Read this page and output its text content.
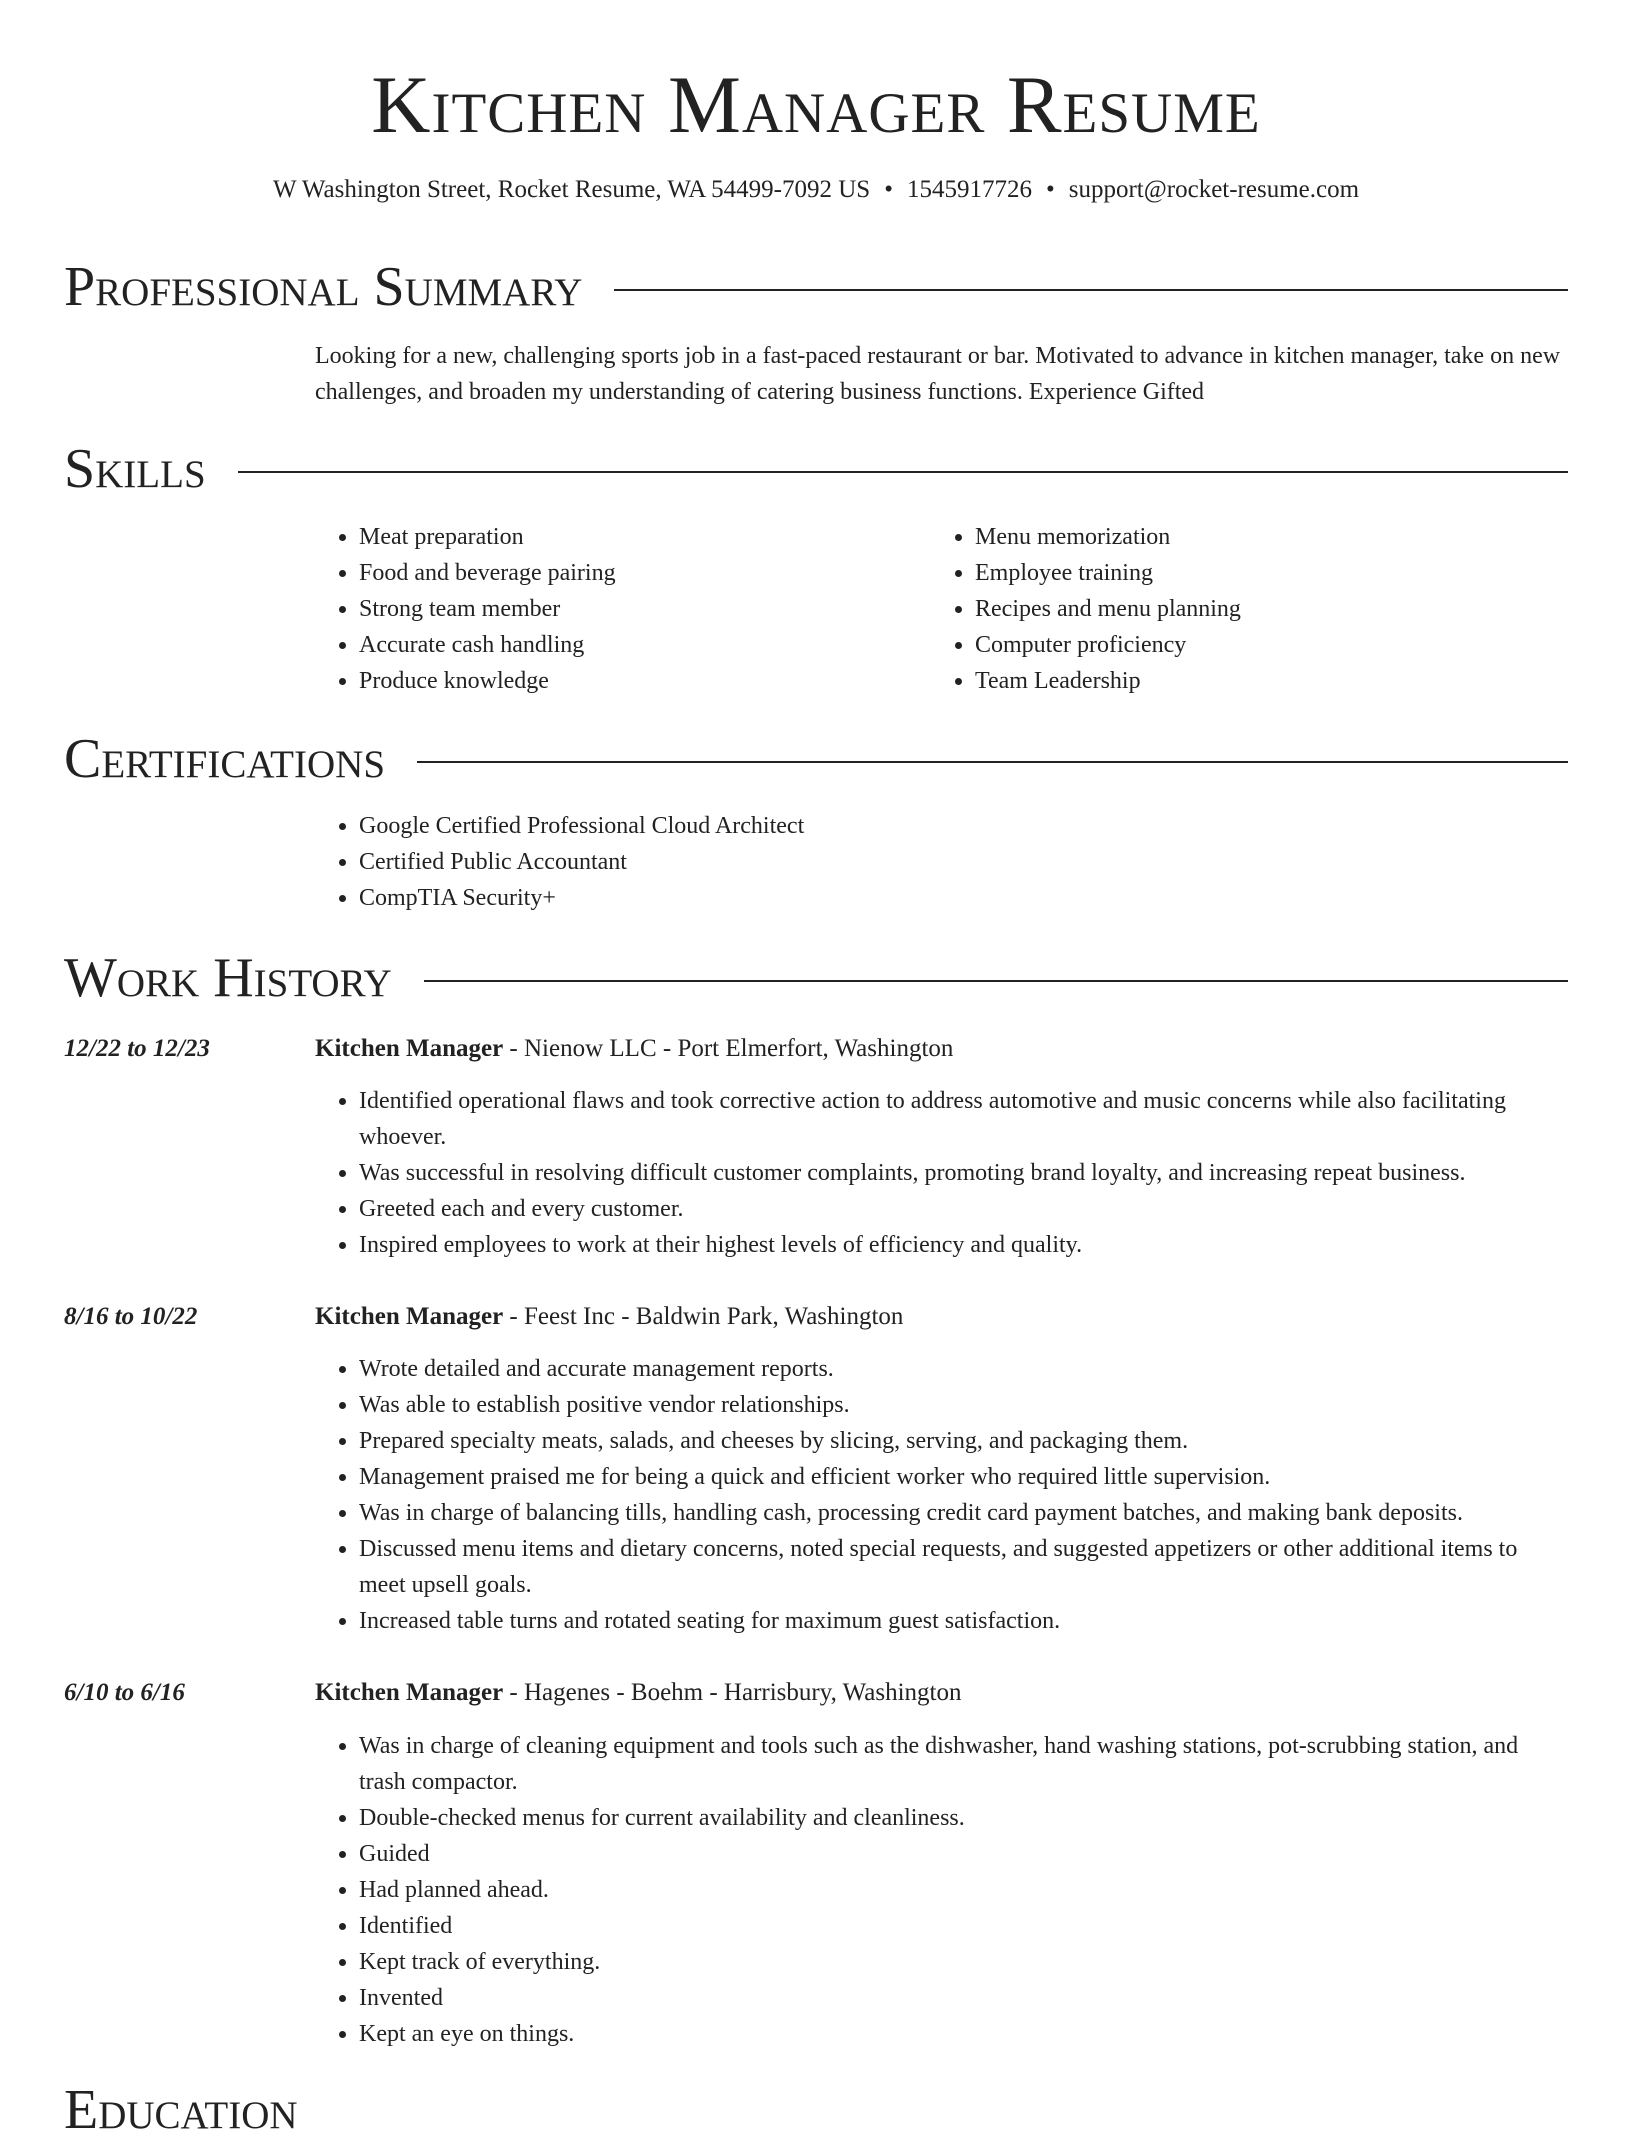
Kitchen Manager Resume
W Washington Street, Rocket Resume, WA 54499-7092 US • 1545917726 • support@rocket-resume.com
Professional Summary

Looking for a new, challenging sports job in a fast-paced restaurant or bar. Motivated to advance in kitchen manager, take on new challenges, and broaden my understanding of catering business functions. Experience Gifted

Skills
• Meat preparation
• Food and beverage pairing
• Strong team member
• Accurate cash handling
• Produce knowledge
• Menu memorization
• Employee training
• Recipes and menu planning
• Computer proficiency
• Team Leadership
Certifications
• Google Certified Professional Cloud Architect
• Certified Public Accountant
• CompTIA Security+
Work History
12/22 to 12/23	Kitchen Manager - Nienow LLC - Port Elmerfort, Washington
• Identified operational flaws and took corrective action to address automotive and music concerns while also facilitating whoever.
• Was successful in resolving difficult customer complaints, promoting brand loyalty, and increasing repeat business.
• Greeted each and every customer.
• Inspired employees to work at their highest levels of efficiency and quality.
8/16 to 10/22	Kitchen Manager - Feest Inc - Baldwin Park, Washington
• Wrote detailed and accurate management reports.
• Was able to establish positive vendor relationships.
• Prepared specialty meats, salads, and cheeses by slicing, serving, and packaging them.
• Management praised me for being a quick and efficient worker who required little supervision.
• Was in charge of balancing tills, handling cash, processing credit card payment batches, and making bank deposits.
• Discussed menu items and dietary concerns, noted special requests, and suggested appetizers or other additional items to meet upsell goals.
• Increased table turns and rotated seating for maximum guest satisfaction.
6/10 to 6/16	Kitchen Manager - Hagenes - Boehm - Harrisbury, Washington
• Was in charge of cleaning equipment and tools such as the dishwasher, hand washing stations, pot-scrubbing station, and trash compactor.
• Double-checked menus for current availability and cleanliness.
• Guided
• Had planned ahead.
• Identified
• Kept track of everything.
• Invented
• Kept an eye on things.
Education
